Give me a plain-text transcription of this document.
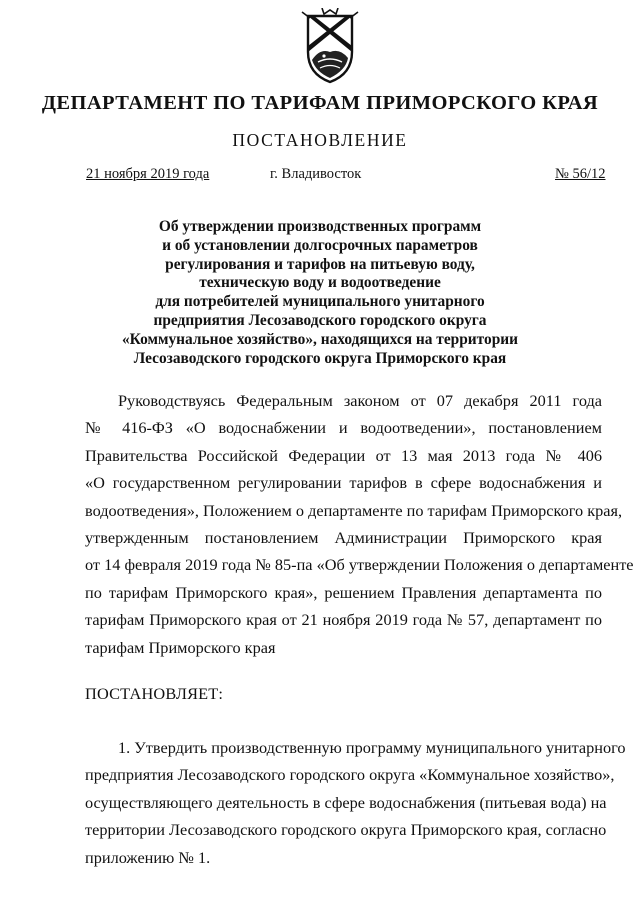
ДЕПАРТАМЕНТ ПО ТАРИФАМ ПРИМОРСКОГО КРАЯ
ПОСТАНОВЛЕНИЕ
21 ноября 2019 года	г. Владивосток	№ 56/12
Об утверждении производственных программ
и об установлении долгосрочных параметров
регулирования и тарифов на питьевую воду,
техническую воду и водоотведение
для потребителей муниципального унитарного
предприятия Лесозаводского городского округа
«Коммунальное хозяйство», находящихся на территории
Лесозаводского городского округа Приморского края
Руководствуясь Федеральным законом от 07 декабря 2011 года
№ 416-ФЗ «О водоснабжении и водоотведении», постановлением
Правительства Российской Федерации от 13 мая 2013 года № 406
«О государственном регулировании тарифов в сфере водоснабжения и
водоотведения», Положением о департаменте по тарифам Приморского края,
утвержденным постановлением Администрации Приморского края
от 14 февраля 2019 года № 85-па «Об утверждении Положения о департаменте
по тарифам Приморского края», решением Правления департамента по
тарифам Приморского края от 21 ноября 2019 года № 57, департамент по
тарифам Приморского края
ПОСТАНОВЛЯЕТ:
1. Утвердить производственную программу муниципального унитарного
предприятия Лесозаводского городского округа «Коммунальное хозяйство»,
осуществляющего деятельность в сфере водоснабжения (питьевая вода) на
территории Лесозаводского городского округа Приморского края, согласно
приложению № 1.
